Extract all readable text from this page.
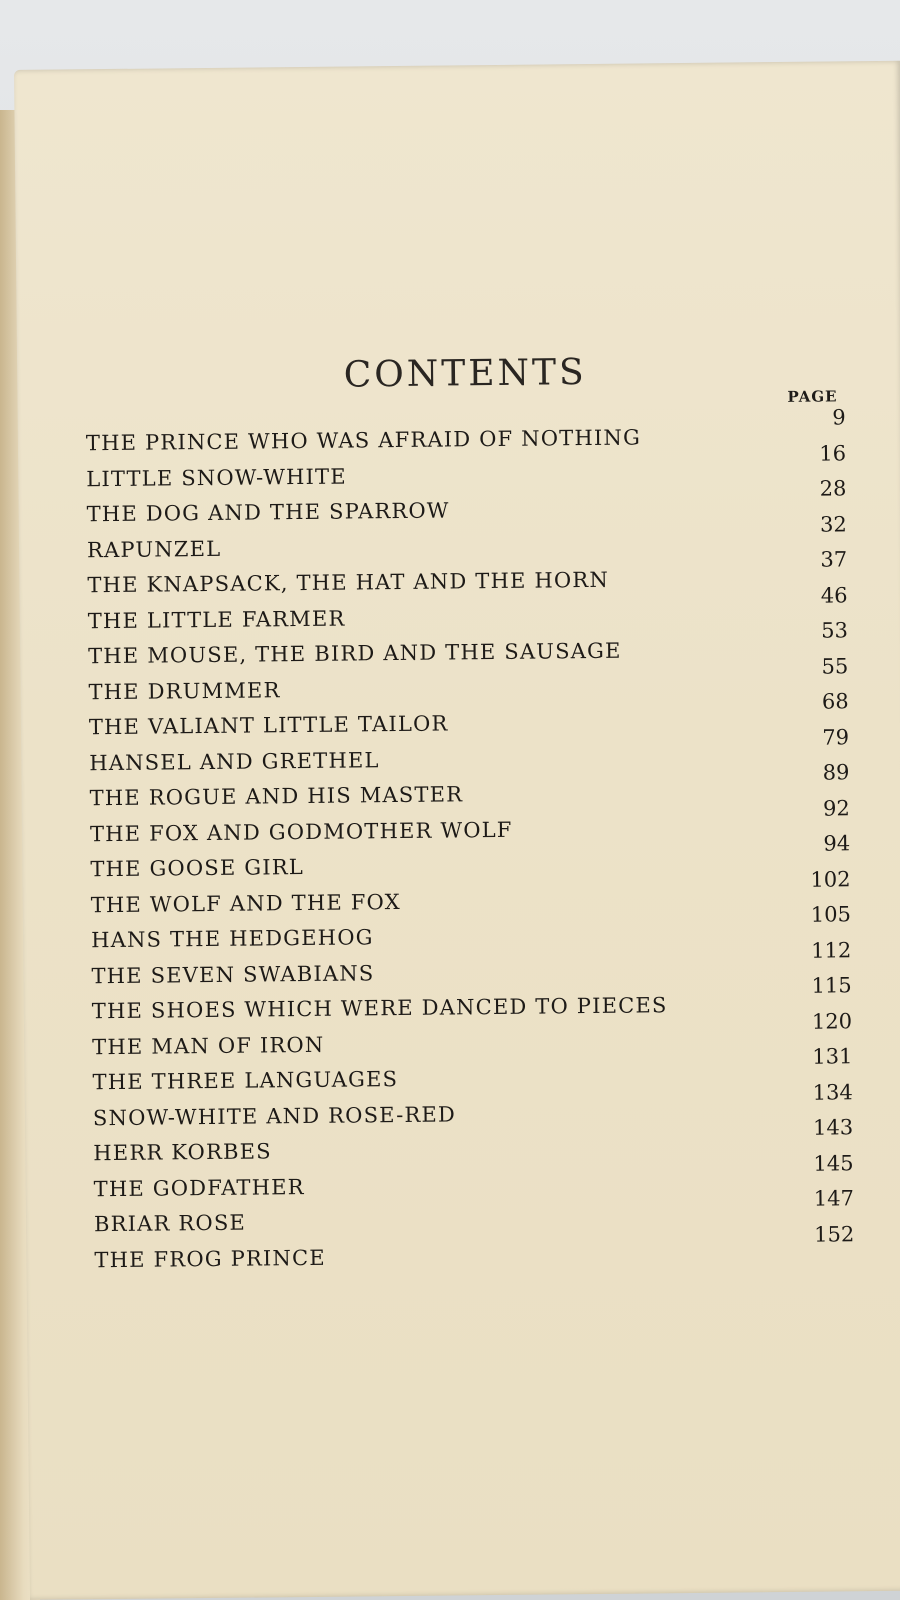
CONTENTS
PAGE
THE PRINCE WHO WAS AFRAID OF NOTHING
9
LITTLE SNOW-WHITE
16
THE DOG AND THE SPARROW
28
RAPUNZEL
32
THE KNAPSACK, THE HAT AND THE HORN
37
THE LITTLE FARMER
46
THE MOUSE, THE BIRD AND THE SAUSAGE
53
THE DRUMMER
55
THE VALIANT LITTLE TAILOR
68
HANSEL AND GRETHEL
79
THE ROGUE AND HIS MASTER
89
THE FOX AND GODMOTHER WOLF
92
THE GOOSE GIRL
94
THE WOLF AND THE FOX
102
HANS THE HEDGEHOG
105
THE SEVEN SWABIANS
112
THE SHOES WHICH WERE DANCED TO PIECES
115
THE MAN OF IRON
120
THE THREE LANGUAGES
131
SNOW-WHITE AND ROSE-RED
134
HERR KORBES
143
THE GODFATHER
145
BRIAR ROSE
147
THE FROG PRINCE
152
